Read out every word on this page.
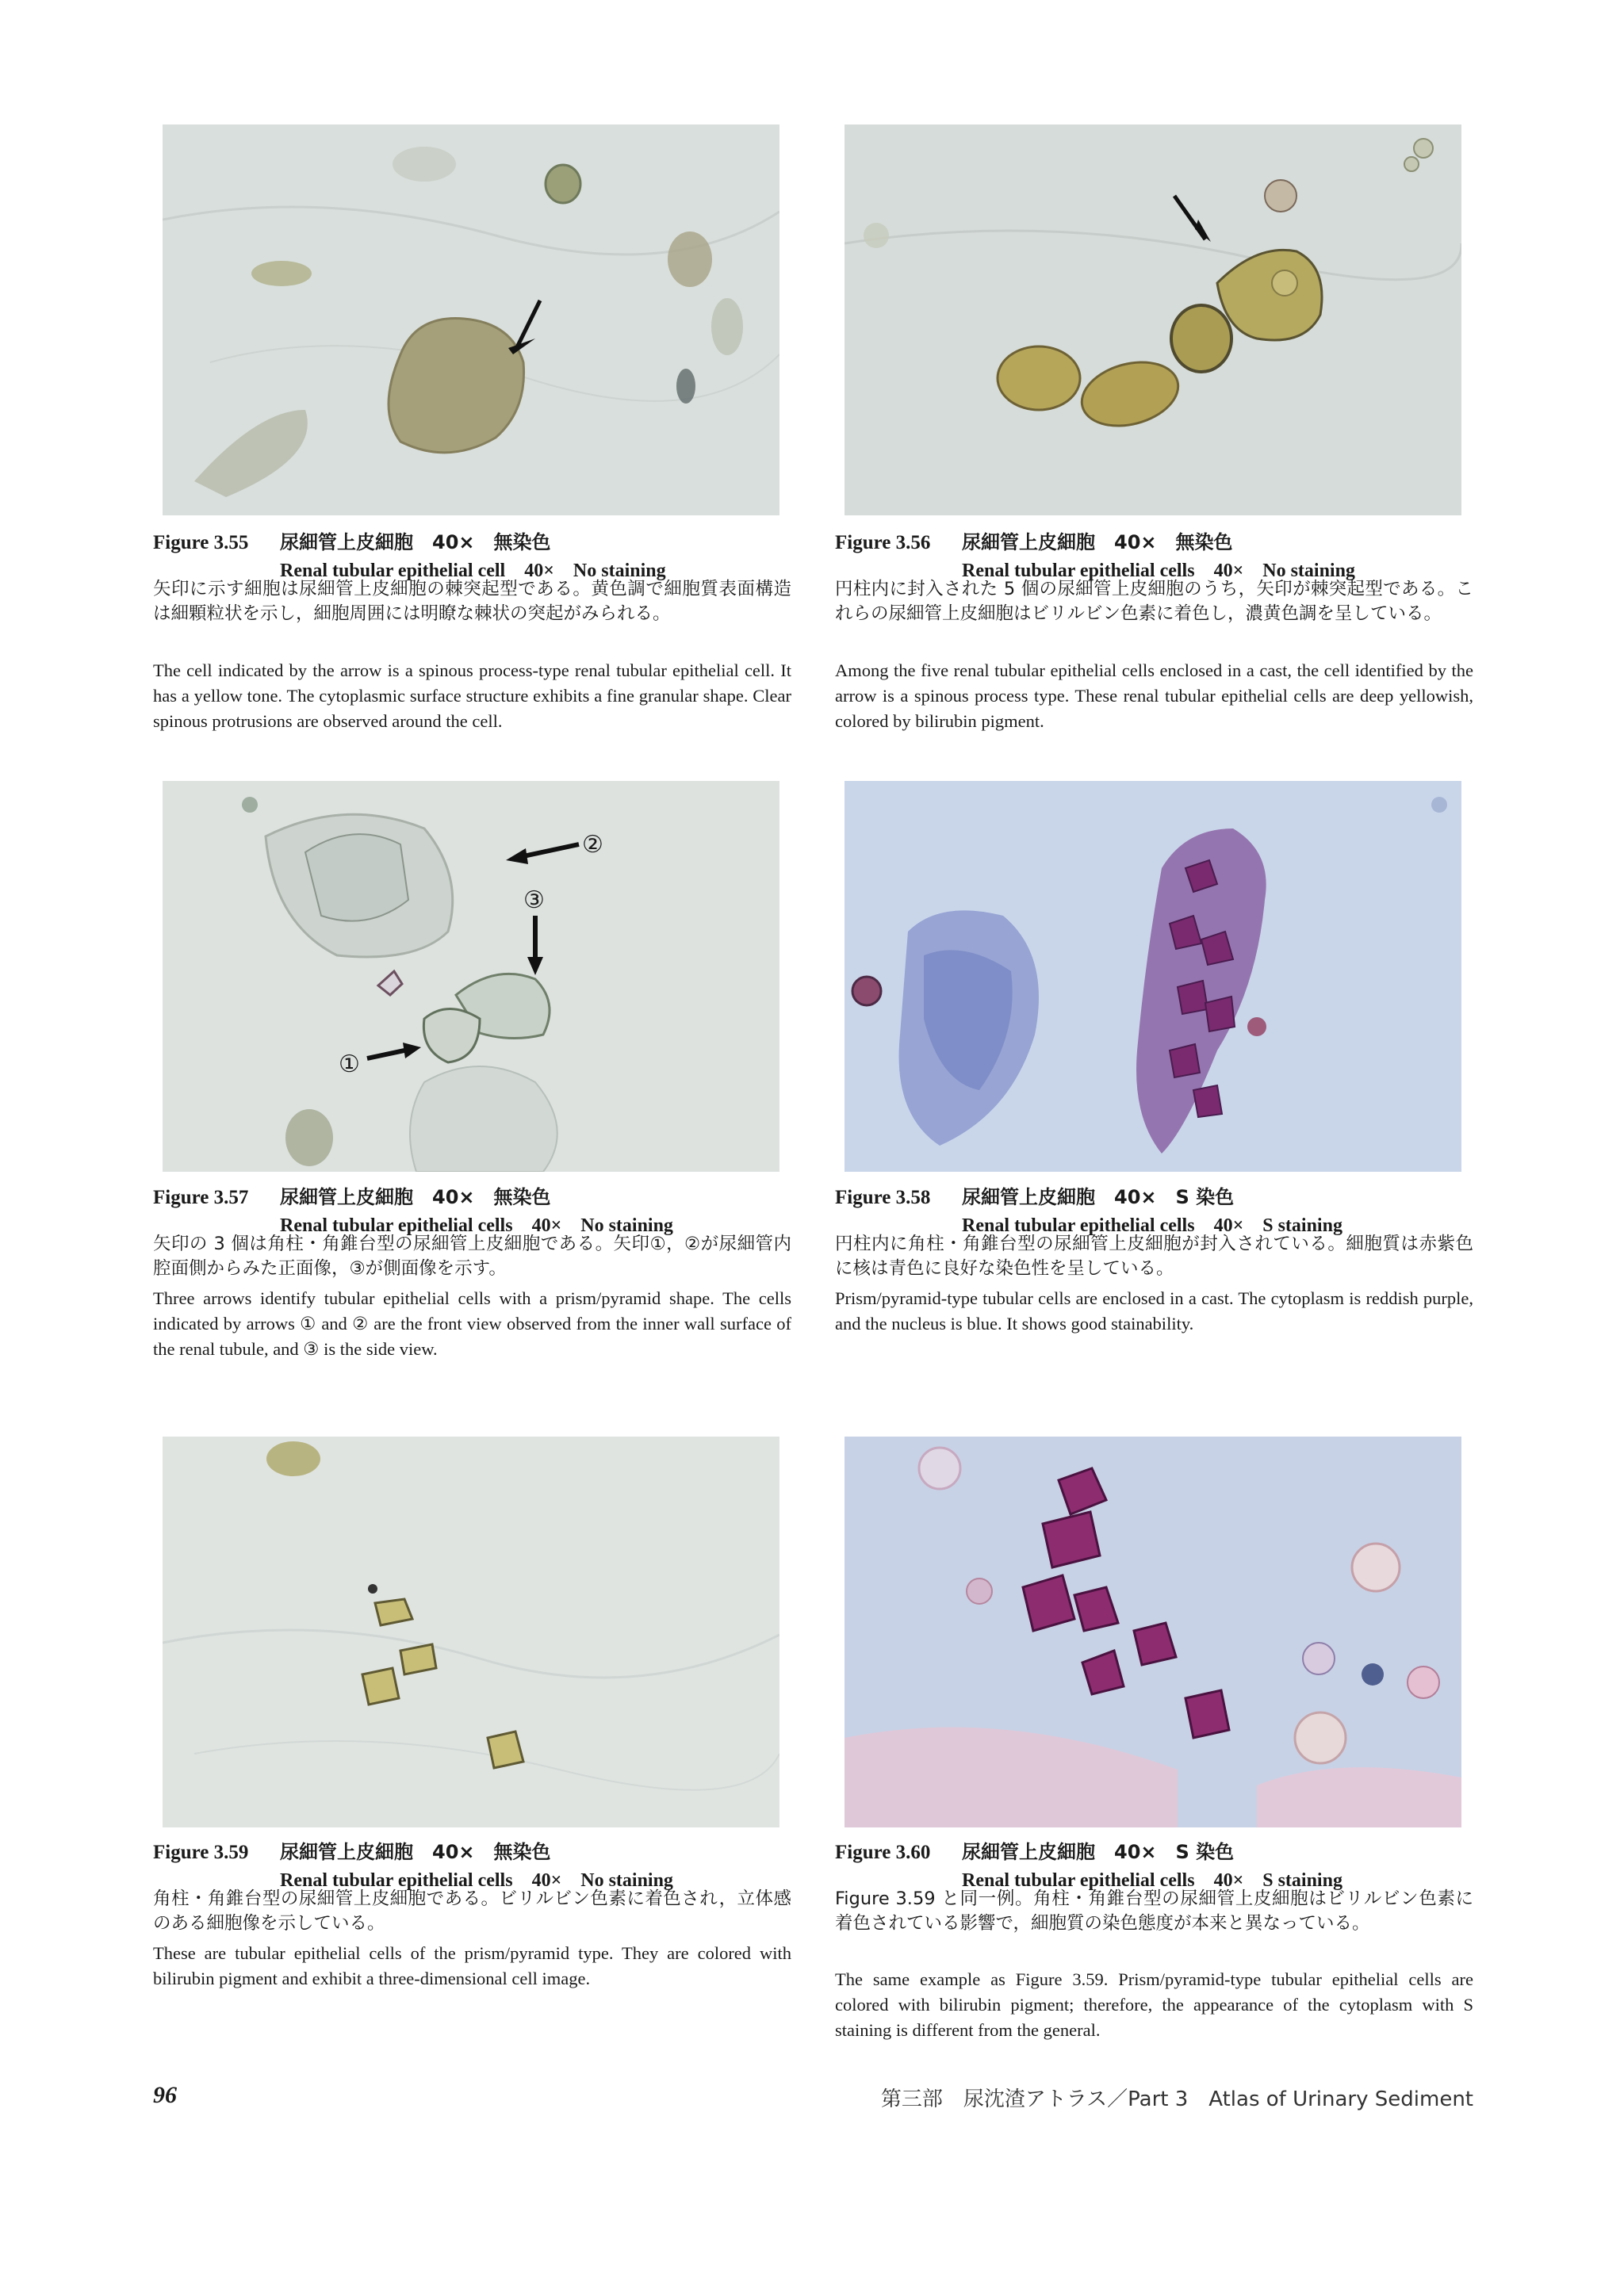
Figure 3.55 尿細管上皮細胞　40×　無染色
Renal tubular epithelial cell　40×　No staining
矢印に示す細胞は尿細管上皮細胞の棘突起型である。黄色調で細胞質表面構造は細顆粒状を示し，細胞周囲には明瞭な棘状の突起がみられる。
The cell indicated by the arrow is a spinous process-type renal tubular epithelial cell. It has a yellow tone. The cytoplasmic surface structure exhibits a fine granular shape. Clear spinous protrusions are observed around the cell.
Figure 3.56 尿細管上皮細胞　40×　無染色
Renal tubular epithelial cells　40×　No staining
円柱内に封入された 5 個の尿細管上皮細胞のうち，矢印が棘突起型である。これらの尿細管上皮細胞はビリルビン色素に着色し，濃黄色調を呈している。
Among the five renal tubular epithelial cells enclosed in a cast, the cell identified by the arrow is a spinous process type. These renal tubular epithelial cells are deep yellowish, colored by bilirubin pigment.
②
③
①
Figure 3.57 尿細管上皮細胞　40×　無染色
Renal tubular epithelial cells　40×　No staining
矢印の 3 個は角柱・角錐台型の尿細管上皮細胞である。矢印①，②が尿細管内腔面側からみた正面像，③が側面像を示す。
Three arrows identify tubular epithelial cells with a prism/pyramid shape. The cells indicated by arrows ① and ② are the front view observed from the inner wall surface of the renal tubule, and ③ is the side view.
Figure 3.58 尿細管上皮細胞　40×　S 染色
Renal tubular epithelial cells　40×　S staining
円柱内に角柱・角錐台型の尿細管上皮細胞が封入されている。細胞質は赤紫色に核は青色に良好な染色性を呈している。
Prism/pyramid-type tubular cells are enclosed in a cast. The cytoplasm is reddish purple, and the nucleus is blue. It shows good stainability.
Figure 3.59 尿細管上皮細胞　40×　無染色
Renal tubular epithelial cells　40×　No staining
角柱・角錐台型の尿細管上皮細胞である。ビリルビン色素に着色され，立体感のある細胞像を示している。
These are tubular epithelial cells of the prism/pyramid type. They are colored with bilirubin pigment and exhibit a three-dimensional cell image.
Figure 3.60 尿細管上皮細胞　40×　S 染色
Renal tubular epithelial cells　40×　S staining
Figure 3.59 と同一例。角柱・角錐台型の尿細管上皮細胞はビリルビン色素に着色されている影響で，細胞質の染色態度が本来と異なっている。
The same example as Figure 3.59. Prism/pyramid-type tubular epithelial cells are colored with bilirubin pigment; therefore, the appearance of the cytoplasm with S staining is different from the general.
96	第三部　尿沈渣アトラス／Part 3　Atlas of Urinary Sediment
